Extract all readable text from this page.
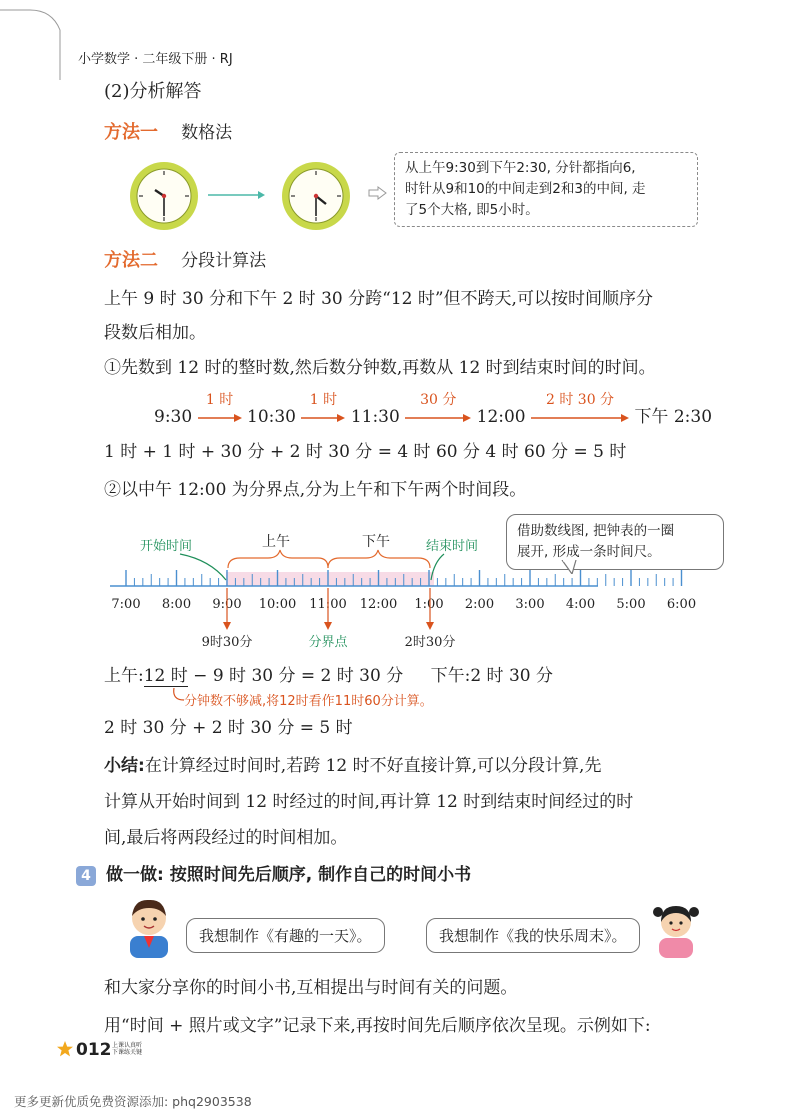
小学数学 · 二年级下册 · RJ
(2)分析解答
方法一 数格法
从上午9:30到下午2:30, 分针都指向6,
时针从9和10的中间走到2和3的中间, 走
了5个大格, 即5小时。
方法二 分段计算法
上午 9 时 30 分和下午 2 时 30 分跨“12 时”但不跨天,可以按时间顺序分
段数后相加。
①先数到 12 时的整时数,然后数分钟数,再数从 12 时到结束时间的时间。
9:30
1 时
10:30
1 时
11:30
30 分
12:00
2 时 30 分
下午 2:30
1 时 + 1 时 + 30 分 + 2 时 30 分 = 4 时 60 分 4 时 60 分 = 5 时
②以中午 12:00 为分界点,分为上午和下午两个时间段。
上午	下午
开始时间	结束时间
7:00 8:00 9:00 10:00 11:00 12:00 1:00 2:00 3:00 4:00 5:00 6:00
9时30分	分界点	2时30分
借助数线图, 把钟表的一圈
展开, 形成一条时间尺。
上午:12 时 − 9 时 30 分 = 2 时 30 分 下午:2 时 30 分
分钟数不够减,将12时看作11时60分计算。
2 时 30 分 + 2 时 30 分 = 5 时
小结:在计算经过时间时,若跨 12 时不好直接计算,可以分段计算,先
计算从开始时间到 12 时经过的时间,再计算 12 时到结束时间经过的时
间,最后将两段经过的时间相加。
4 做一做: 按照时间先后顺序, 制作自己的时间小书
我想制作《有趣的一天》。	我想制作《我的快乐周末》。
和大家分享你的时间小书,互相提出与时间有关的问题。
用“时间 + 照片或文字”记录下来,再按时间先后顺序依次呈现。示例如下:
012 上课认真听
下课练关键
更多更新优质免费资源添加: phq2903538
